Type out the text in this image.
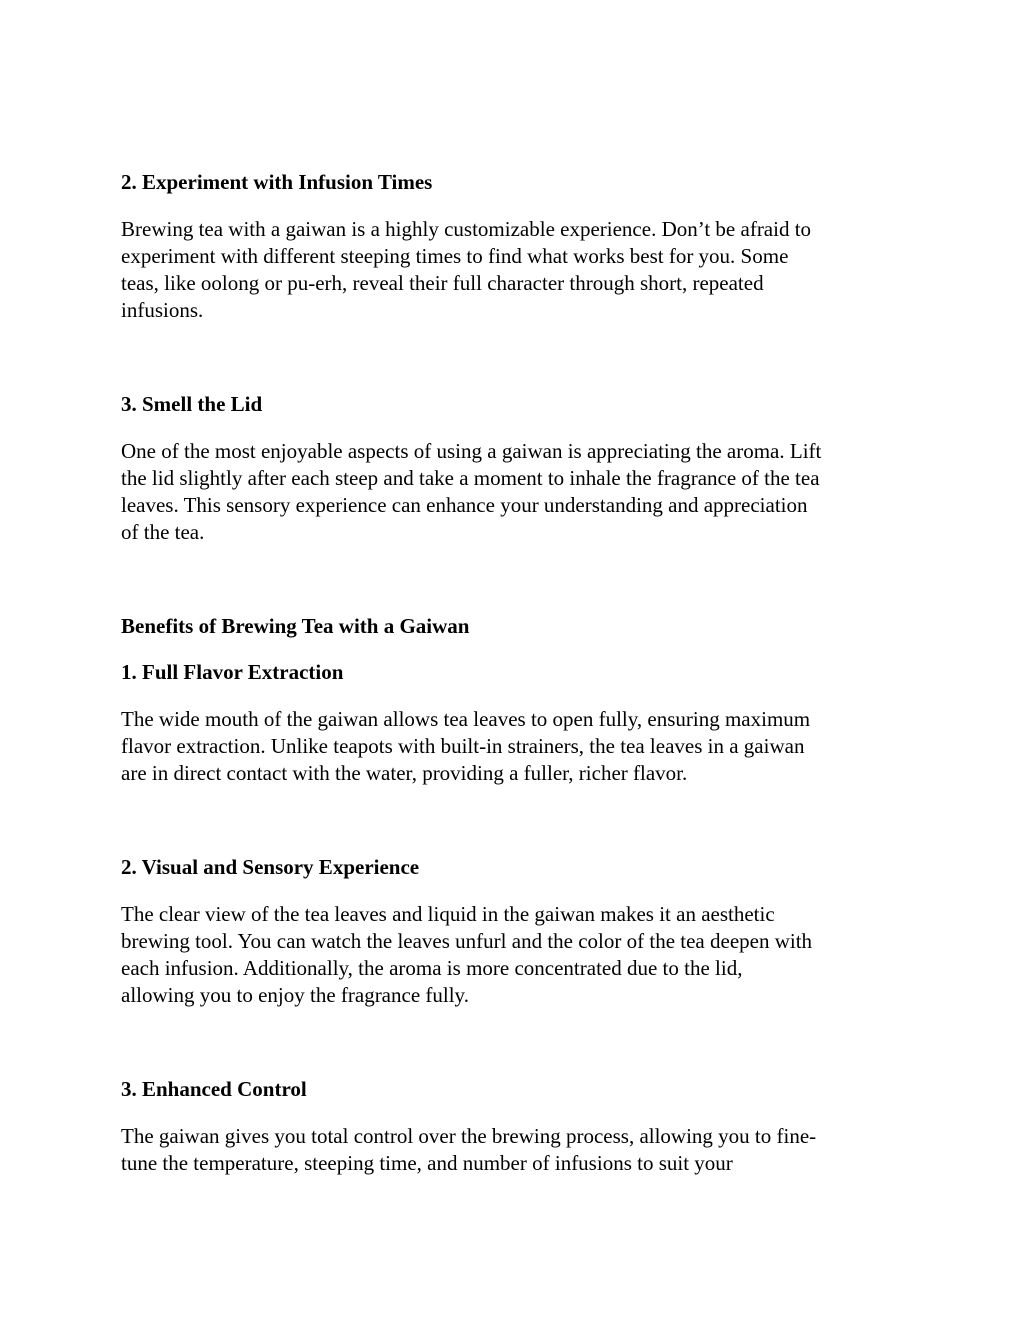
2. Experiment with Infusion Times

Brewing tea with a gaiwan is a highly customizable experience. Don’t be afraid to
experiment with different steeping times to find what works best for you. Some
teas, like oolong or pu-erh, reveal their full character through short, repeated
infusions.

3. Smell the Lid

One of the most enjoyable aspects of using a gaiwan is appreciating the aroma. Lift
the lid slightly after each steep and take a moment to inhale the fragrance of the tea
leaves. This sensory experience can enhance your understanding and appreciation
of the tea.

Benefits of Brewing Tea with a Gaiwan
1. Full Flavor Extraction

The wide mouth of the gaiwan allows tea leaves to open fully, ensuring maximum
flavor extraction. Unlike teapots with built-in strainers, the tea leaves in a gaiwan
are in direct contact with the water, providing a fuller, richer flavor.

2. Visual and Sensory Experience

The clear view of the tea leaves and liquid in the gaiwan makes it an aesthetic
brewing tool. You can watch the leaves unfurl and the color of the tea deepen with
each infusion. Additionally, the aroma is more concentrated due to the lid,
allowing you to enjoy the fragrance fully.

3. Enhanced Control

The gaiwan gives you total control over the brewing process, allowing you to fine-
tune the temperature, steeping time, and number of infusions to suit your
